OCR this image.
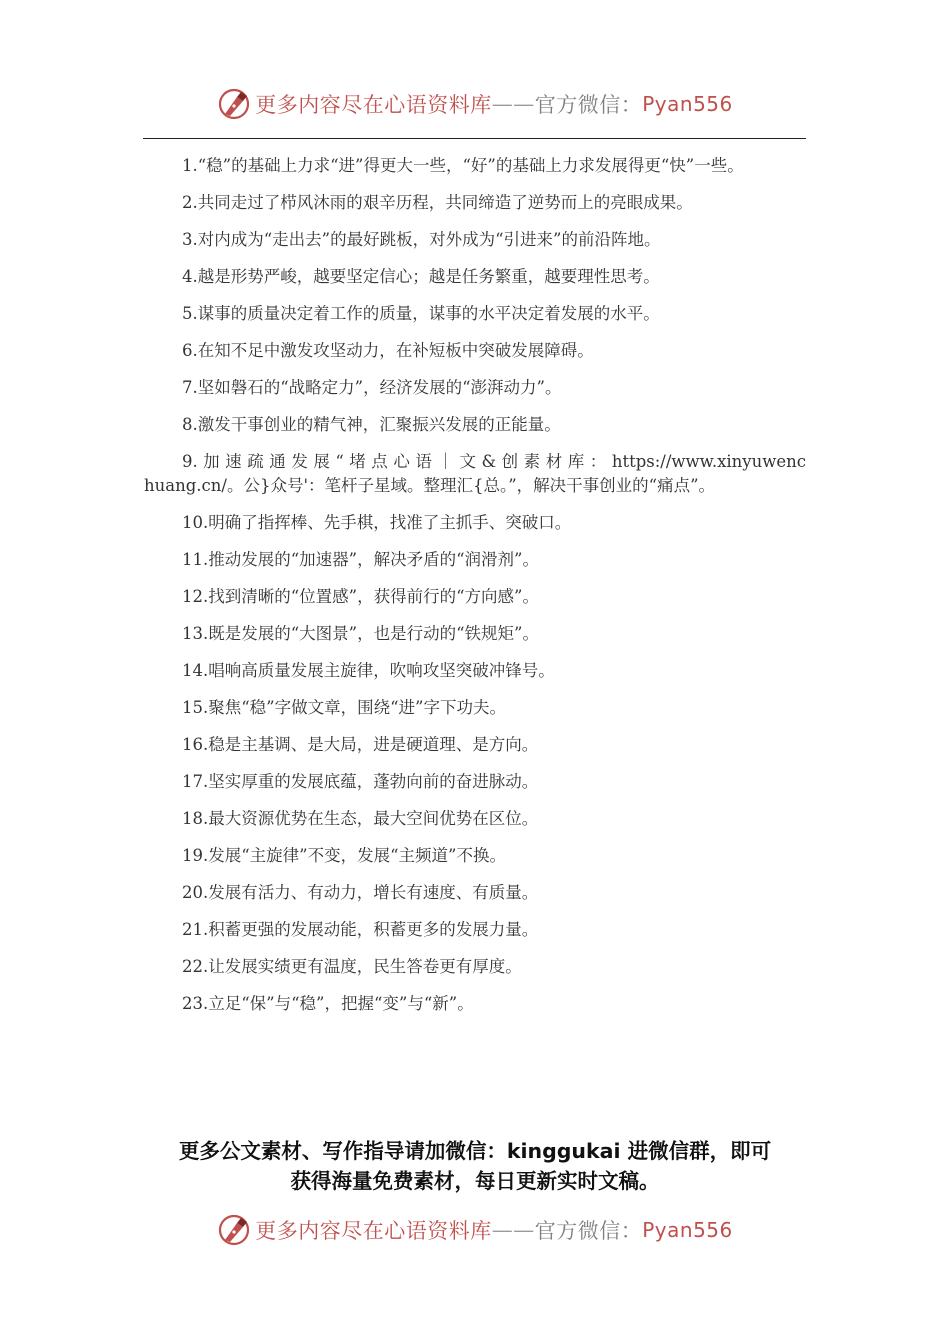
更多内容尽在心语资料库 —— 官方微信： Pyan556

1.“稳”的基础上力求“进”得更大一些，“好”的基础上力求发展得更“快”一些。

2.共同走过了栉风沐雨的艰辛历程，共同缔造了逆势而上的亮眼成果。

3.对内成为“走出去”的最好跳板，对外成为“引进来”的前沿阵地。

4.越是形势严峻，越要坚定信心；越是任务繁重，越要理性思考。

5.谋事的质量决定着工作的质量，谋事的水平决定着发展的水平。

6.在知不足中激发攻坚动力，在补短板中突破发展障碍。

7.坚如磐石的“战略定力”，经济发展的“澎湃动力”。

8.激发干事创业的精气神，汇聚振兴发展的正能量。

9. 加 速 疏 通 发 展 “ 堵 点 心 语 ｜ 文 & 创 素 材 库 ： https://www.xinyuwenchuang.cn/。公}众号'：笔杆子星域。整理汇{总。”，解决干事创业的“痛点”。

10.明确了指挥棒、先手棋，找准了主抓手、突破口。

11.推动发展的“加速器”，解决矛盾的“润滑剂”。

12.找到清晰的“位置感”，获得前行的“方向感”。

13.既是发展的“大图景”，也是行动的“铁规矩”。

14.唱响高质量发展主旋律，吹响攻坚突破冲锋号。

15.聚焦“稳”字做文章，围绕“进”字下功夫。

16.稳是主基调、是大局，进是硬道理、是方向。

17.坚实厚重的发展底蕴，蓬勃向前的奋进脉动。

18.最大资源优势在生态，最大空间优势在区位。

19.发展“主旋律”不变，发展“主频道”不换。

20.发展有活力、有动力，增长有速度、有质量。

21.积蓄更强的发展动能，积蓄更多的发展力量。

22.让发展实绩更有温度，民生答卷更有厚度。

23.立足“保”与“稳”，把握“变”与“新”。

更多公文素材、写作指导请加微信：kinggukai 进微信群，即可
获得海量免费素材，每日更新实时文稿。
更多内容尽在心语资料库 —— 官方微信： Pyan556
